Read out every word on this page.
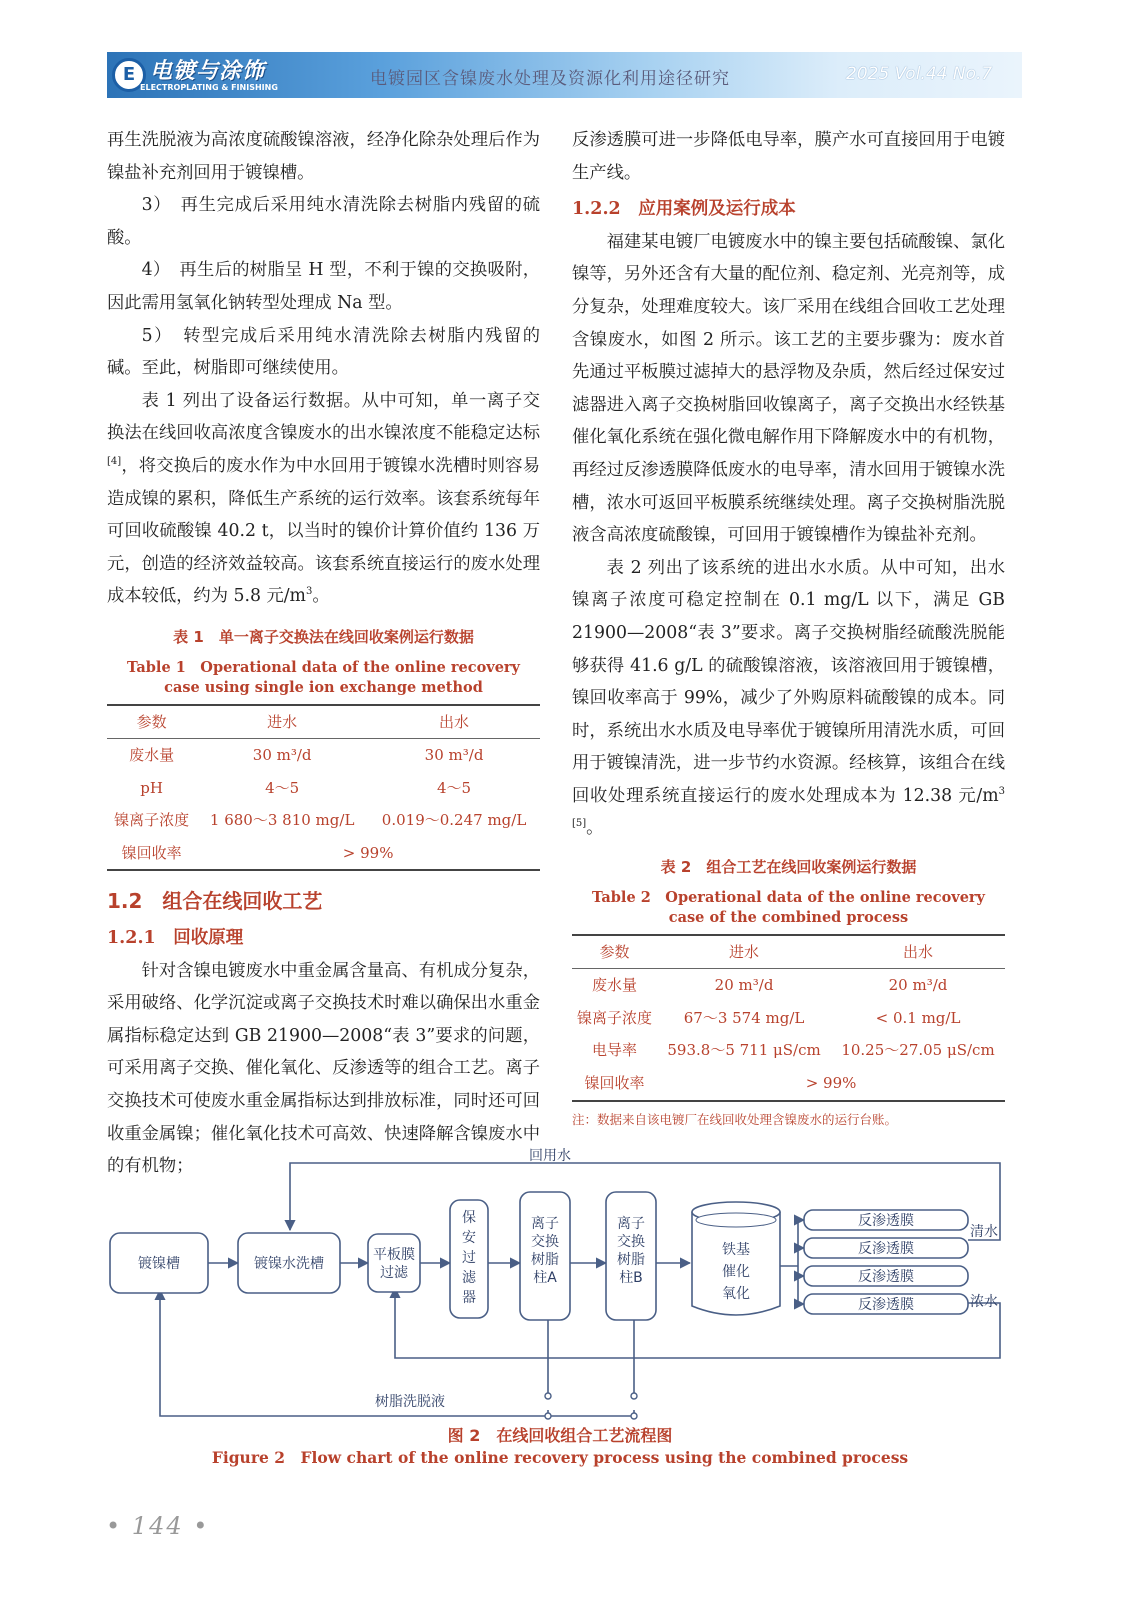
E 电镀与涂饰
ELECTROPLATING & FINISHING	电镀园区含镍废水处理及资源化利用途径研究	2025 Vol.44 No.7

再生洗脱液为高浓度硫酸镍溶液，经净化除杂处理后作为镍盐补充剂回用于镀镍槽。

3）　再生完成后采用纯水清洗除去树脂内残留的硫酸。

4）　再生后的树脂呈 H 型，不利于镍的交换吸附，因此需用氢氧化钠转型处理成 Na 型。

5）　转型完成后采用纯水清洗除去树脂内残留的碱。至此，树脂即可继续使用。

表 1 列出了设备运行数据。从中可知，单一离子交换法在线回收高浓度含镍废水的出水镍浓度不能稳定达标[4]，将交换后的废水作为中水回用于镀镍水洗槽时则容易造成镍的累积，降低生产系统的运行效率。该套系统每年可回收硫酸镍 40.2 t，以当时的镍价计算价值约 136 万元，创造的经济效益较高。该套系统直接运行的废水处理成本较低，约为 5.8 元$/m^3$。

表 1　单一离子交换法在线回收案例运行数据
Table 1　Operational data of the online recovery case using single ion exchange method
参数	进水	出水
废水量	30 m³/d	30 m³/d
pH	4～5	4～5
镍离子浓度	1 680～3 810 mg/L	0.019～0.247 mg/L
镍回收率	> 99%	
1.2　组合在线回收工艺
1.2.1　回收原理

针对含镍电镀废水中重金属含量高、有机成分复杂，采用破络、化学沉淀或离子交换技术时难以确保出水重金属指标稳定达到 GB 21900—2008“表 3”要求的问题，可采用离子交换、催化氧化、反渗透等的组合工艺。离子交换技术可使废水重金属指标达到排放标准，同时还可回收重金属镍；催化氧化技术可高效、快速降解含镍废水中的有机物；

反渗透膜可进一步降低电导率，膜产水可直接回用于电镀生产线。

1.2.2　应用案例及运行成本

福建某电镀厂电镀废水中的镍主要包括硫酸镍、氯化镍等，另外还含有大量的配位剂、稳定剂、光亮剂等，成分复杂，处理难度较大。该厂采用在线组合回收工艺处理含镍废水，如图 2 所示。该工艺的主要步骤为：废水首先通过平板膜过滤掉大的悬浮物及杂质，然后经过保安过滤器进入离子交换树脂回收镍离子，离子交换出水经铁基催化氧化系统在强化微电解作用下降解废水中的有机物，再经过反渗透膜降低废水的电导率，清水回用于镀镍水洗槽，浓水可返回平板膜系统继续处理。离子交换树脂洗脱液含高浓度硫酸镍，可回用于镀镍槽作为镍盐补充剂。

表 2 列出了该系统的进出水水质。从中可知，出水镍离子浓度可稳定控制在 0.1 mg/L 以下，满足 GB 21900—2008“表 3”要求。离子交换树脂经硫酸洗脱能够获得 41.6 g/L 的硫酸镍溶液，该溶液回用于镀镍槽，镍回收率高于 99%，减少了外购原料硫酸镍的成本。同时，系统出水水质及电导率优于镀镍所用清洗水质，可回用于镀镍清洗，进一步节约水资源。经核算，该组合在线回收处理系统直接运行的废水处理成本为 12.38 元$/m^{3 [5]}$。

表 2　组合工艺在线回收案例运行数据
Table 2　Operational data of the online recovery case of the combined process
参数	进水	出水
废水量	20 m³/d	20 m³/d
镍离子浓度	67～3 574 mg/L	< 0.1 mg/L
电导率	593.8～5 711 μS/cm	10.25～27.05 μS/cm
镍回收率	> 99%	
注：数据来自该电镀厂在线回收处理含镍废水的运行台账。
回用水
镀镍槽	镀镍水洗槽
平板膜
过滤
保
安
过
滤
器
离子
交换
树脂
柱A
离子
交换
树脂
柱B
铁基
催化
氧化
反渗透膜
反渗透膜
反渗透膜
反渗透膜
清水
浓水
树脂洗脱液
图 2　在线回收组合工艺流程图
Figure 2　Flow chart of the online recovery process using the combined process
• 144 •
